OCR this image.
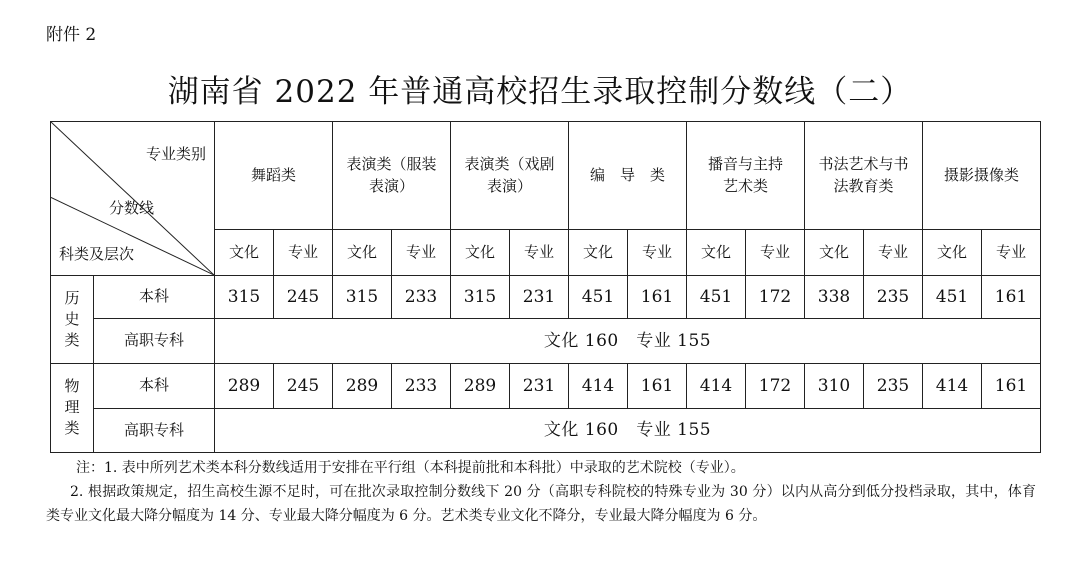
附件 2
湖南省 2022 年普通高校招生录取控制分数线（二）
专业类别
分数线
科类及层次		舞蹈类		表演类（服装表演）		表演类（戏剧表演）		编　导　类		播音与主持艺术类		书法艺术与书法教育类		摄影摄像类	
		文化	专业	文化	专业	文化	专业	文化	专业	文化	专业	文化	专业	文化	专业
历史类	本科	315	245	315	233	315	231	451	161	451	172	338	235	451	161
	高职专科	文化 160　专业 155													
物理类	本科	289	245	289	233	289	231	414	161	414	172	310	235	414	161
	高职专科	文化 160　专业 155													

注：1. 表中所列艺术类本科分数线适用于安排在平行组（本科提前批和本科批）中录取的艺术院校（专业）。

2. 根据政策规定，招生高校生源不足时，可在批次录取控制分数线下 20 分（高职专科院校的特殊专业为 30 分）以内从高分到低分投档录取，其中，体育类专业文化最大降分幅度为 14 分、专业最大降分幅度为 6 分。艺术类专业文化不降分，专业最大降分幅度为 6 分。
